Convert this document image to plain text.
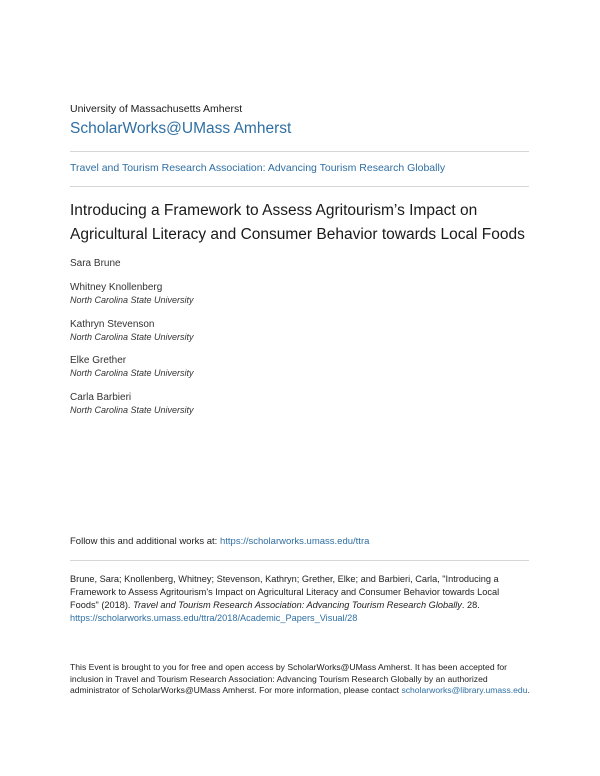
University of Massachusetts Amherst
ScholarWorks@UMass Amherst
Travel and Tourism Research Association: Advancing Tourism Research Globally
Introducing a Framework to Assess Agritourism’s Impact on Agricultural Literacy and Consumer Behavior towards Local Foods
Sara Brune
Whitney Knollenberg
North Carolina State University
Kathryn Stevenson
North Carolina State University
Elke Grether
North Carolina State University
Carla Barbieri
North Carolina State University
Follow this and additional works at: https://scholarworks.umass.edu/ttra
Brune, Sara; Knollenberg, Whitney; Stevenson, Kathryn; Grether, Elke; and Barbieri, Carla, "Introducing a Framework to Assess Agritourism's Impact on Agricultural Literacy and Consumer Behavior towards Local Foods" (2018). Travel and Tourism Research Association: Advancing Tourism Research Globally. 28.
https://scholarworks.umass.edu/ttra/2018/Academic_Papers_Visual/28
This Event is brought to you for free and open access by ScholarWorks@UMass Amherst. It has been accepted for inclusion in Travel and Tourism Research Association: Advancing Tourism Research Globally by an authorized administrator of ScholarWorks@UMass Amherst. For more information, please contact scholarworks@library.umass.edu.
